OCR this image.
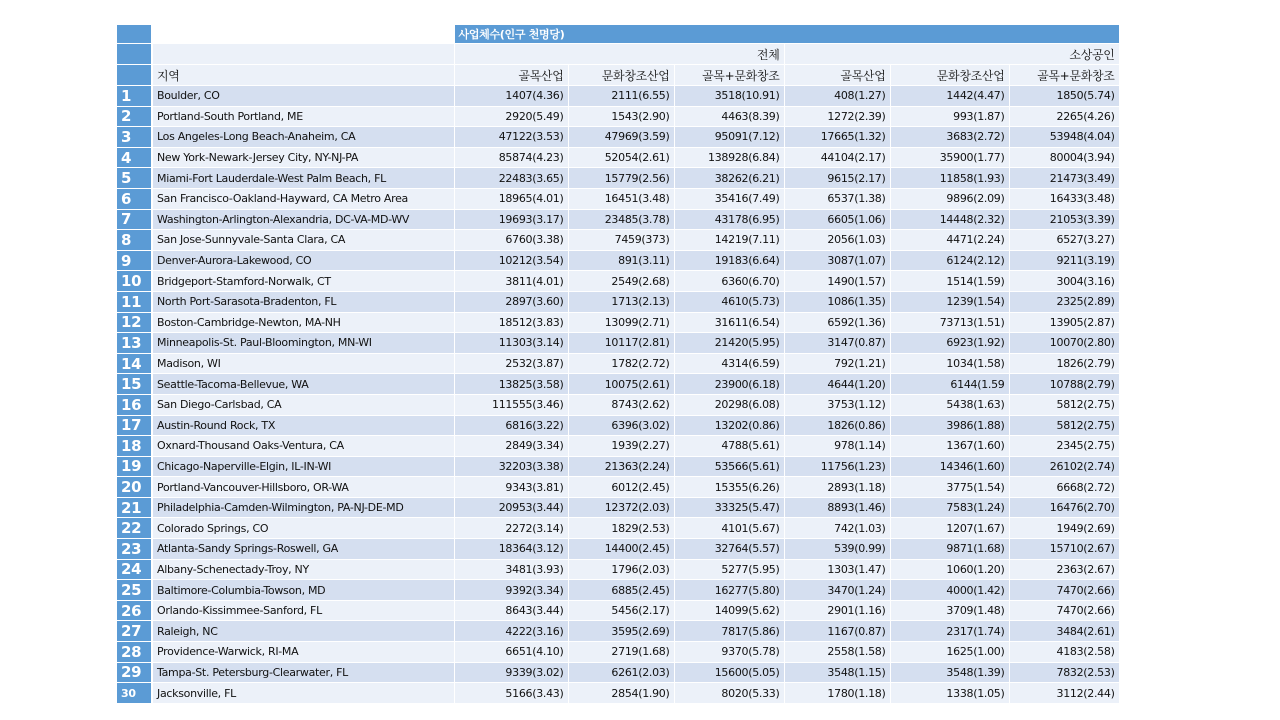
		사업체수(인구 천명당)					
		전체			소상공인		
	지역	골목산업	문화창조산업	골목+문화창조	골목산업	문화창조산업	골목+문화창조
1	Boulder, CO	1407(4.36)	2111(6.55)	3518(10.91)	408(1.27)	1442(4.47)	1850(5.74)
2	Portland-South Portland, ME	2920(5.49)	1543(2.90)	4463(8.39)	1272(2.39)	993(1.87)	2265(4.26)
3	Los Angeles-Long Beach-Anaheim, CA	47122(3.53)	47969(3.59)	95091(7.12)	17665(1.32)	3683(2.72)	53948(4.04)
4	New York-Newark-Jersey City, NY-NJ-PA	85874(4.23)	52054(2.61)	138928(6.84)	44104(2.17)	35900(1.77)	80004(3.94)
5	Miami-Fort Lauderdale-West Palm Beach, FL	22483(3.65)	15779(2.56)	38262(6.21)	9615(2.17)	11858(1.93)	21473(3.49)
6	San Francisco-Oakland-Hayward, CA Metro Area	18965(4.01)	16451(3.48)	35416(7.49)	6537(1.38)	9896(2.09)	16433(3.48)
7	Washington-Arlington-Alexandria, DC-VA-MD-WV	19693(3.17)	23485(3.78)	43178(6.95)	6605(1.06)	14448(2.32)	21053(3.39)
8	San Jose-Sunnyvale-Santa Clara, CA	6760(3.38)	7459(373)	14219(7.11)	2056(1.03)	4471(2.24)	6527(3.27)
9	Denver-Aurora-Lakewood, CO	10212(3.54)	891(3.11)	19183(6.64)	3087(1.07)	6124(2.12)	9211(3.19)
10	Bridgeport-Stamford-Norwalk, CT	3811(4.01)	2549(2.68)	6360(6.70)	1490(1.57)	1514(1.59)	3004(3.16)
11	North Port-Sarasota-Bradenton, FL	2897(3.60)	1713(2.13)	4610(5.73)	1086(1.35)	1239(1.54)	2325(2.89)
12	Boston-Cambridge-Newton, MA-NH	18512(3.83)	13099(2.71)	31611(6.54)	6592(1.36)	73713(1.51)	13905(2.87)
13	Minneapolis-St. Paul-Bloomington, MN-WI	11303(3.14)	10117(2.81)	21420(5.95)	3147(0.87)	6923(1.92)	10070(2.80)
14	Madison, WI	2532(3.87)	1782(2.72)	4314(6.59)	792(1.21)	1034(1.58)	1826(2.79)
15	Seattle-Tacoma-Bellevue, WA	13825(3.58)	10075(2.61)	23900(6.18)	4644(1.20)	6144(1.59	10788(2.79)
16	San Diego-Carlsbad, CA	111555(3.46)	8743(2.62)	20298(6.08)	3753(1.12)	5438(1.63)	5812(2.75)
17	Austin-Round Rock, TX	6816(3.22)	6396(3.02)	13202(0.86)	1826(0.86)	3986(1.88)	5812(2.75)
18	Oxnard-Thousand Oaks-Ventura, CA	2849(3.34)	1939(2.27)	4788(5.61)	978(1.14)	1367(1.60)	2345(2.75)
19	Chicago-Naperville-Elgin, IL-IN-WI	32203(3.38)	21363(2.24)	53566(5.61)	11756(1.23)	14346(1.60)	26102(2.74)
20	Portland-Vancouver-Hillsboro, OR-WA	9343(3.81)	6012(2.45)	15355(6.26)	2893(1.18)	3775(1.54)	6668(2.72)
21	Philadelphia-Camden-Wilmington, PA-NJ-DE-MD	20953(3.44)	12372(2.03)	33325(5.47)	8893(1.46)	7583(1.24)	16476(2.70)
22	Colorado Springs, CO	2272(3.14)	1829(2.53)	4101(5.67)	742(1.03)	1207(1.67)	1949(2.69)
23	Atlanta-Sandy Springs-Roswell, GA	18364(3.12)	14400(2.45)	32764(5.57)	539(0.99)	9871(1.68)	15710(2.67)
24	Albany-Schenectady-Troy, NY	3481(3.93)	1796(2.03)	5277(5.95)	1303(1.47)	1060(1.20)	2363(2.67)
25	Baltimore-Columbia-Towson, MD	9392(3.34)	6885(2.45)	16277(5.80)	3470(1.24)	4000(1.42)	7470(2.66)
26	Orlando-Kissimmee-Sanford, FL	8643(3.44)	5456(2.17)	14099(5.62)	2901(1.16)	3709(1.48)	7470(2.66)
27	Raleigh, NC	4222(3.16)	3595(2.69)	7817(5.86)	1167(0.87)	2317(1.74)	3484(2.61)
28	Providence-Warwick, RI-MA	6651(4.10)	2719(1.68)	9370(5.78)	2558(1.58)	1625(1.00)	4183(2.58)
29	Tampa-St. Petersburg-Clearwater, FL	9339(3.02)	6261(2.03)	15600(5.05)	3548(1.15)	3548(1.39)	7832(2.53)
30	Jacksonville, FL	5166(3.43)	2854(1.90)	8020(5.33)	1780(1.18)	1338(1.05)	3112(2.44)
